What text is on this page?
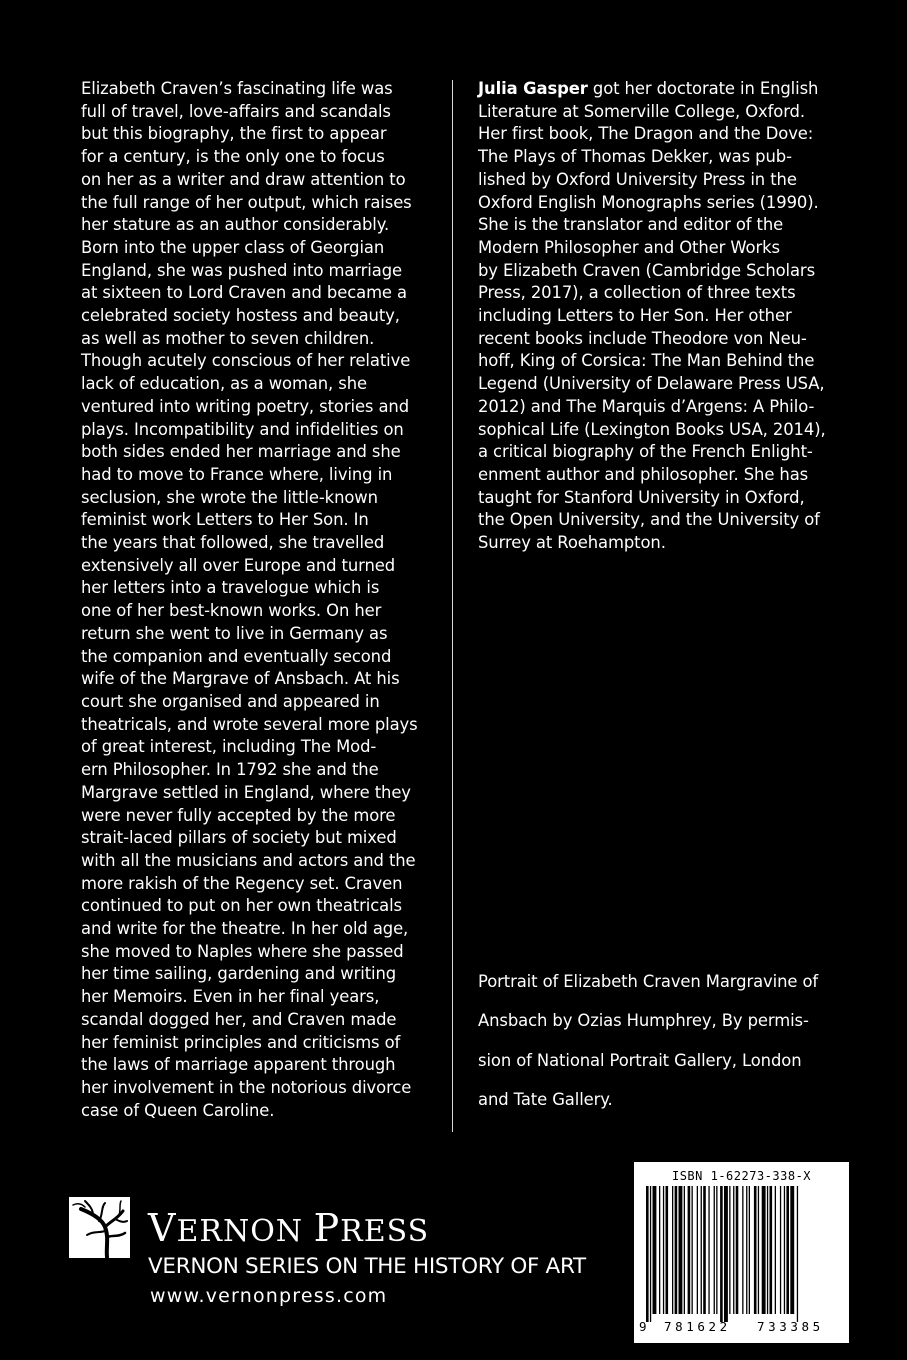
Elizabeth Craven’s fascinating life was

full of travel, love-affairs and scandals

but this biography, the first to appear

for a century, is the only one to focus

on her as a writer and draw attention to

the full range of her output, which raises

her stature as an author considerably.

Born into the upper class of Georgian

England, she was pushed into marriage

at sixteen to Lord Craven and became a

celebrated society hostess and beauty,

as well as mother to seven children.

Though acutely conscious of her relative

lack of education, as a woman, she

ventured into writing poetry, stories and

plays. Incompatibility and infidelities on

both sides ended her marriage and she

had to move to France where, living in

seclusion, she wrote the little-known

feminist work Letters to Her Son. In

the years that followed, she travelled

extensively all over Europe and turned

her letters into a travelogue which is

one of her best-known works. On her

return she went to live in Germany as

the companion and eventually second

wife of the Margrave of Ansbach. At his

court she organised and appeared in

theatricals, and wrote several more plays

of great interest, including The Mod-

ern Philosopher. In 1792 she and the

Margrave settled in England, where they

were never fully accepted by the more

strait-laced pillars of society but mixed

with all the musicians and actors and the

more rakish of the Regency set. Craven

continued to put on her own theatricals

and write for the theatre. In her old age,

she moved to Naples where she passed

her time sailing, gardening and writing

her Memoirs. Even in her final years,

scandal dogged her, and Craven made

her feminist principles and criticisms of

the laws of marriage apparent through

her involvement in the notorious divorce

case of Queen Caroline.

Julia Gasper got her doctorate in English

Literature at Somerville College, Oxford.

Her first book, The Dragon and the Dove:

The Plays of Thomas Dekker, was pub-

lished by Oxford University Press in the

Oxford English Monographs series (1990).

She is the translator and editor of the

Modern Philosopher and Other Works

by Elizabeth Craven (Cambridge Scholars

Press, 2017), a collection of three texts

including Letters to Her Son. Her other

recent books include Theodore von Neu-

hoff, King of Corsica: The Man Behind the

Legend (University of Delaware Press USA,

2012) and The Marquis d’Argens: A Philo-

sophical Life (Lexington Books USA, 2014),

a critical biography of the French Enlight-

enment author and philosopher. She has

taught for Stanford University in Oxford,

the Open University, and the University of

Surrey at Roehampton.

Portrait of Elizabeth Craven Margravine of

Ansbach by Ozias Humphrey, By permis-

sion of National Portrait Gallery, London

and Tate Gallery.

VERNON PRESS
VERNON SERIES ON THE HISTORY OF ART
www.vernonpress.com
ISBN 1-62273-338-X
9 781622 733385
